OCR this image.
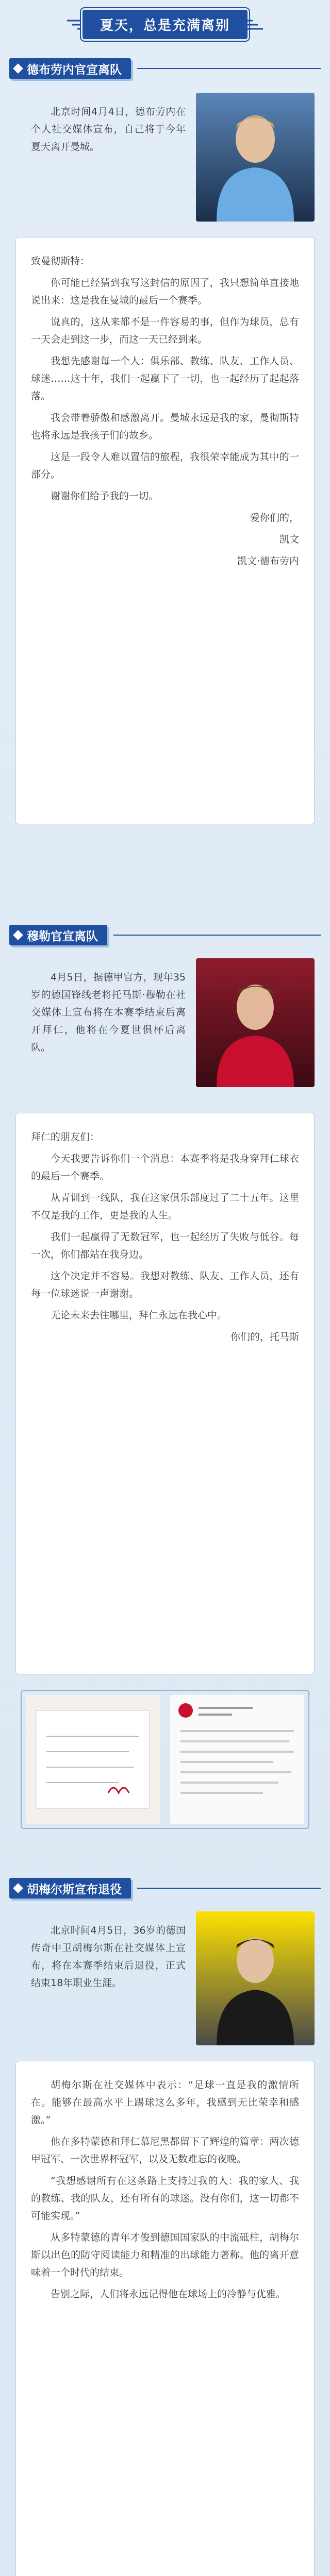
夏天，总是充满离别
德布劳内官宣离队

北京时间4月4日，德布劳内在个人社交媒体宣布，自己将于今年夏天离开曼城。

致曼彻斯特：

你可能已经猜到我写这封信的原因了，我只想简单直接地说出来：这是我在曼城的最后一个赛季。

说真的，这从来都不是一件容易的事，但作为球员，总有一天会走到这一步，而这一天已经到来。

我想先感谢每一个人：俱乐部、教练、队友、工作人员、球迷……这十年，我们一起赢下了一切，也一起经历了起起落落。

我会带着骄傲和感激离开。曼城永远是我的家，曼彻斯特也将永远是我孩子们的故乡。

这是一段令人难以置信的旅程，我很荣幸能成为其中的一部分。

谢谢你们给予我的一切。

爱你们的，

凯文

凯文·德布劳内

穆勒官宣离队

4月5日，据德甲官方，现年35岁的德国锋线老将托马斯·穆勒在社交媒体上宣布将在本赛季结束后离开拜仁，他将在今夏世俱杯后离队。

拜仁的朋友们：

今天我要告诉你们一个消息：本赛季将是我身穿拜仁球衣的最后一个赛季。

从青训到一线队，我在这家俱乐部度过了二十五年。这里不仅是我的工作，更是我的人生。

我们一起赢得了无数冠军，也一起经历了失败与低谷。每一次，你们都站在我身边。

这个决定并不容易。我想对教练、队友、工作人员，还有每一位球迷说一声谢谢。

无论未来去往哪里，拜仁永远在我心中。

你们的，托马斯

胡梅尔斯宣布退役

北京时间4月5日，36岁的德国传奇中卫胡梅尔斯在社交媒体上宣布，将在本赛季结束后退役，正式结束18年职业生涯。

胡梅尔斯在社交媒体中表示：“足球一直是我的激情所在。能够在最高水平上踢球这么多年，我感到无比荣幸和感激。”

他在多特蒙德和拜仁慕尼黑都留下了辉煌的篇章：两次德甲冠军、一次世界杯冠军，以及无数难忘的夜晚。

“我想感谢所有在这条路上支持过我的人：我的家人、我的教练、我的队友，还有所有的球迷。没有你们，这一切都不可能实现。”

从多特蒙德的青年才俊到德国国家队的中流砥柱，胡梅尔斯以出色的防守阅读能力和精准的出球能力著称。他的离开意味着一个时代的结束。

告别之际，人们将永远记得他在球场上的冷静与优雅。
